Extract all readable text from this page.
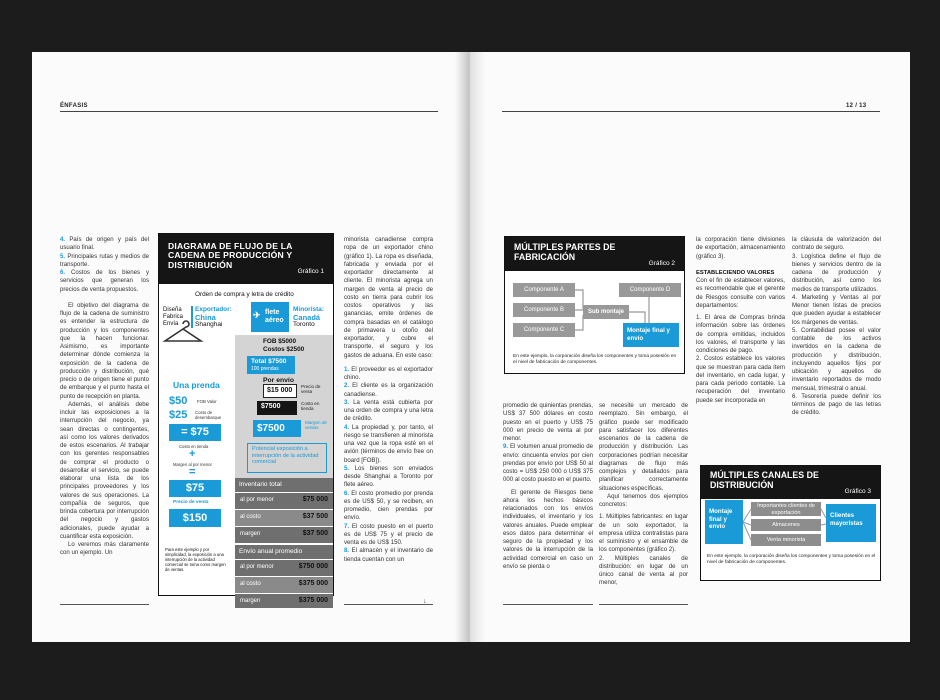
ÉNFASIS	12 / 13

4. País de origen y país del usuario final.

5. Principales rutas y medios de transporte.

6. Costos de los bienes y servicios que generan los precios de venta propuestos.

El objetivo del diagrama de flujo de la cadena de suministro es entender la estructura de producción y los componentes que la hacen funcionar. Asimismo, es importante determinar dónde comienza la exposición de la cadena de producción y distribución, qué precio o de origen tiene el punto de embarque y el punto hasta el punto de recepción en planta.

Además, el análisis debe incluir las exposiciones a la interrupción del negocio, ya sean directas o contingentes, así como los valores derivados de estos escenarios. Al trabajar con los gerentes responsables de comprar el producto o desarrollar el servicio, se puede elaborar una lista de los principales proveedores y los valores de sus operaciones. La compañía de seguros, que brinda cobertura por interrupción del negocio y gastos adicionales, puede ayudar a cuantificar esta exposición.

Lo veremos más claramente con un ejemplo. Un

DIAGRAMA DE FLUJO DE LA CADENA DE PRODUCCIÓN Y DISTRIBUCIÓN
Gráfico 1
Orden de compra y letra de crédito
Diseña
Fabrica
Envía
Exportador:
China
Shanghai
✈ flete aéreo
Minorista:
Canadá
Toronto
FOB $5000
Costos $2500
Total $7500
100 prendas
Una prenda	Por envío
$50 FOB Valor
$25 Costo de desembarque
= $75
$15 000
Precio de venta
$7500	Costo en tienda
$7500
Margen de ventas
Costo en tienda
+
Margen al por menor
=
Potencial exposición a interrupción de la actividad comercial
$75
Precio de venta
$150
Inventario total
al por menor	$75 000
al costo	$37 500
margen	$37 500
Envío anual promedio
al por menor	$750 000
al costo	$375 000
margen	$375 000
Para este ejemplo y por simplicidad, la exposición a una interrupción de la actividad comercial se toma como margen de ventas.

minorista canadiense compra ropa de un exportador chino (gráfico 1). La ropa es diseñada, fabricada y enviada por el exportador directamente al cliente. El minorista agrega un margen de venta al precio de costo en tierra para cubrir los costos operativos y las ganancias, emite órdenes de compra basadas en el catálogo de primavera u otoño del exportador, y cubre el transporte, el seguro y los gastos de aduana. En este caso:

1. El proveedor es el exportador chino.

2. El cliente es la organización canadiense.

3. La venta está cubierta por una orden de compra y una letra de crédito.

4. La propiedad y, por tanto, el riesgo se transfieren al minorista una vez que la ropa esté en el avión (términos de envío free on board [FOB]).

5. Los bienes son enviados desde Shanghai a Toronto por flete aéreo.

6. El costo promedio por prenda es de US$ 50, y se reciben, en promedio, cien prendas por envío.

7. El costo puesto en el puerto es de US$ 75 y el precio de venta es de US$ 150.

8. El almacén y el inventario de tienda cuentan con un

↓
MÚLTIPLES PARTES DE FABRICACIÓN
Gráfico 2
Componente A
Componente B
Componente C
Componente D
Sub montaje
Montaje final y envío
En este ejemplo, la corporación diseña los componentes y toma posesión en el nivel de fabricación de componentes.

promedio de quinientas prendas, US$ 37 500 dólares en costo puesto en el puerto y US$ 75 000 en precio de venta al por menor.

9. El volumen anual promedio de envío: cincuenta envíos por cien prendas por envío por US$ 50 al costo = US$ 250 000 o US$ 375 000 al costo puesto en el puerto.

El gerente de Riesgos tiene ahora los hechos básicos relacionados con los envíos individuales, el inventario y los valores anuales. Puede emplear esos datos para determinar el seguro de la propiedad y los valores de la interrupción de la actividad comercial en caso un envío se pierda o

se necesite un mercado de reemplazo. Sin embargo, el gráfico puede ser modificado para satisfacer los diferentes escenarios de la cadena de producción y distribución. Las corporaciones podrían necesitar diagramas de flujo más complejos y detallados para planificar correctamente situaciones específicas.

Aquí tenemos dos ejemplos concretos:

1. Múltiples fabricantes: en lugar de un solo exportador, la empresa utiliza contratistas para el suministro y el ensamble de los componentes (gráfico 2).

2. Múltiples canales de distribución: en lugar de un único canal de venta al por menor,

la corporación tiene divisiones de exportación, almacenamiento (gráfico 3).

ESTABLECIENDO VALORES

Con el fin de establecer valores, es recomendable que el gerente de Riesgos consulte con varios departamentos:

1. El área de Compras brinda información sobre las órdenes de compra emitidas, incluidos los valores, el transporte y las condiciones de pago.

2. Costos establece los valores que se muestran para cada ítem del inventario, en cada lugar, y para cada periodo contable. La recuperación del inventario puede ser incorporada en

la cláusula de valorización del contrato de seguro.

3. Logística define el flujo de bienes y servicios dentro de la cadena de producción y distribución, así como los medios de transporte utilizados.

4. Marketing y Ventas al por Menor tienen listas de precios que pueden ayudar a establecer los márgenes de ventas.

5. Contabilidad posee el valor contable de los activos invertidos en la cadena de producción y distribución, incluyendo aquellos fijos por ubicación y aquellos de inventario reportados de modo mensual, trimestral o anual.

6. Tesorería puede definir los términos de pago de las letras de crédito.

MÚLTIPLES CANALES DE DISTRIBUCIÓN
Gráfico 3
Montaje final y envío
Importantes clientes de exportación
Almacenes
Venta minorista
Clientes mayoristas
En este ejemplo, la corporación diseña los componentes y toma posesión en el nivel de fabricación de componentes.
